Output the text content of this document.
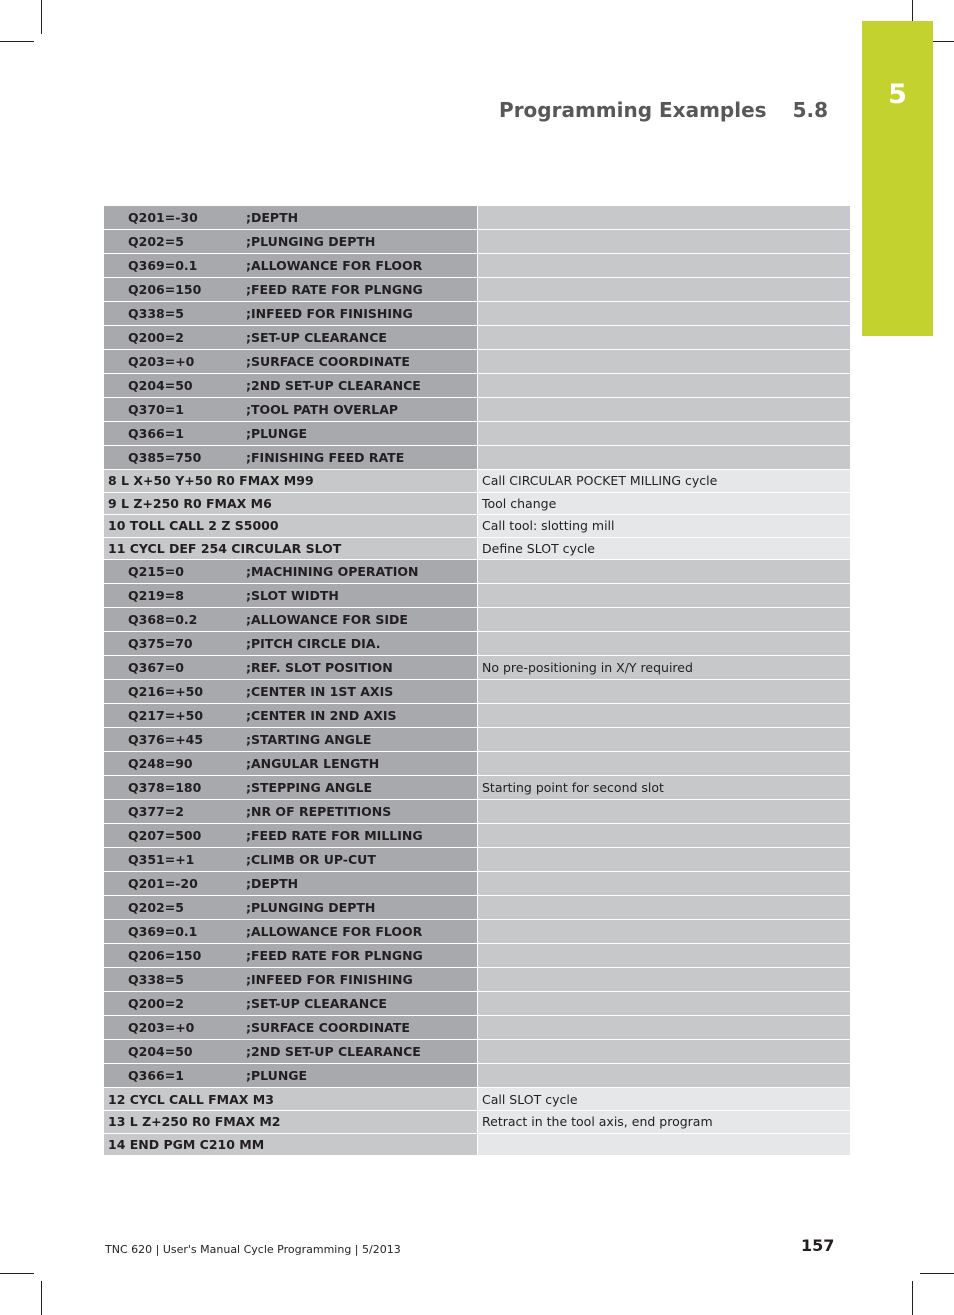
5
Programming Examples 5.8
Q201=-30	;DEPTH
Q202=5	;PLUNGING DEPTH
Q369=0.1	;ALLOWANCE FOR FLOOR
Q206=150	;FEED RATE FOR PLNGNG
Q338=5	;INFEED FOR FINISHING
Q200=2	;SET-UP CLEARANCE
Q203=+0	;SURFACE COORDINATE
Q204=50	;2ND SET-UP CLEARANCE
Q370=1	;TOOL PATH OVERLAP
Q366=1	;PLUNGE
Q385=750	;FINISHING FEED RATE
8 L X+50 Y+50 R0 FMAX M99	Call CIRCULAR POCKET MILLING cycle
9 L Z+250 R0 FMAX M6	Tool change
10 TOLL CALL 2 Z S5000	Call tool: slotting mill
11 CYCL DEF 254 CIRCULAR SLOT	Define SLOT cycle
Q215=0	;MACHINING OPERATION
Q219=8	;SLOT WIDTH
Q368=0.2	;ALLOWANCE FOR SIDE
Q375=70	;PITCH CIRCLE DIA.
Q367=0	;REF. SLOT POSITION	No pre-positioning in X/Y required
Q216=+50	;CENTER IN 1ST AXIS
Q217=+50	;CENTER IN 2ND AXIS
Q376=+45	;STARTING ANGLE
Q248=90	;ANGULAR LENGTH
Q378=180	;STEPPING ANGLE	Starting point for second slot
Q377=2	;NR OF REPETITIONS
Q207=500	;FEED RATE FOR MILLING
Q351=+1	;CLIMB OR UP-CUT
Q201=-20	;DEPTH
Q202=5	;PLUNGING DEPTH
Q369=0.1	;ALLOWANCE FOR FLOOR
Q206=150	;FEED RATE FOR PLNGNG
Q338=5	;INFEED FOR FINISHING
Q200=2	;SET-UP CLEARANCE
Q203=+0	;SURFACE COORDINATE
Q204=50	;2ND SET-UP CLEARANCE
Q366=1	;PLUNGE
12 CYCL CALL FMAX M3	Call SLOT cycle
13 L Z+250 R0 FMAX M2	Retract in the tool axis, end program
14 END PGM C210 MM
TNC 620 | User's Manual Cycle Programming | 5/2013	157
